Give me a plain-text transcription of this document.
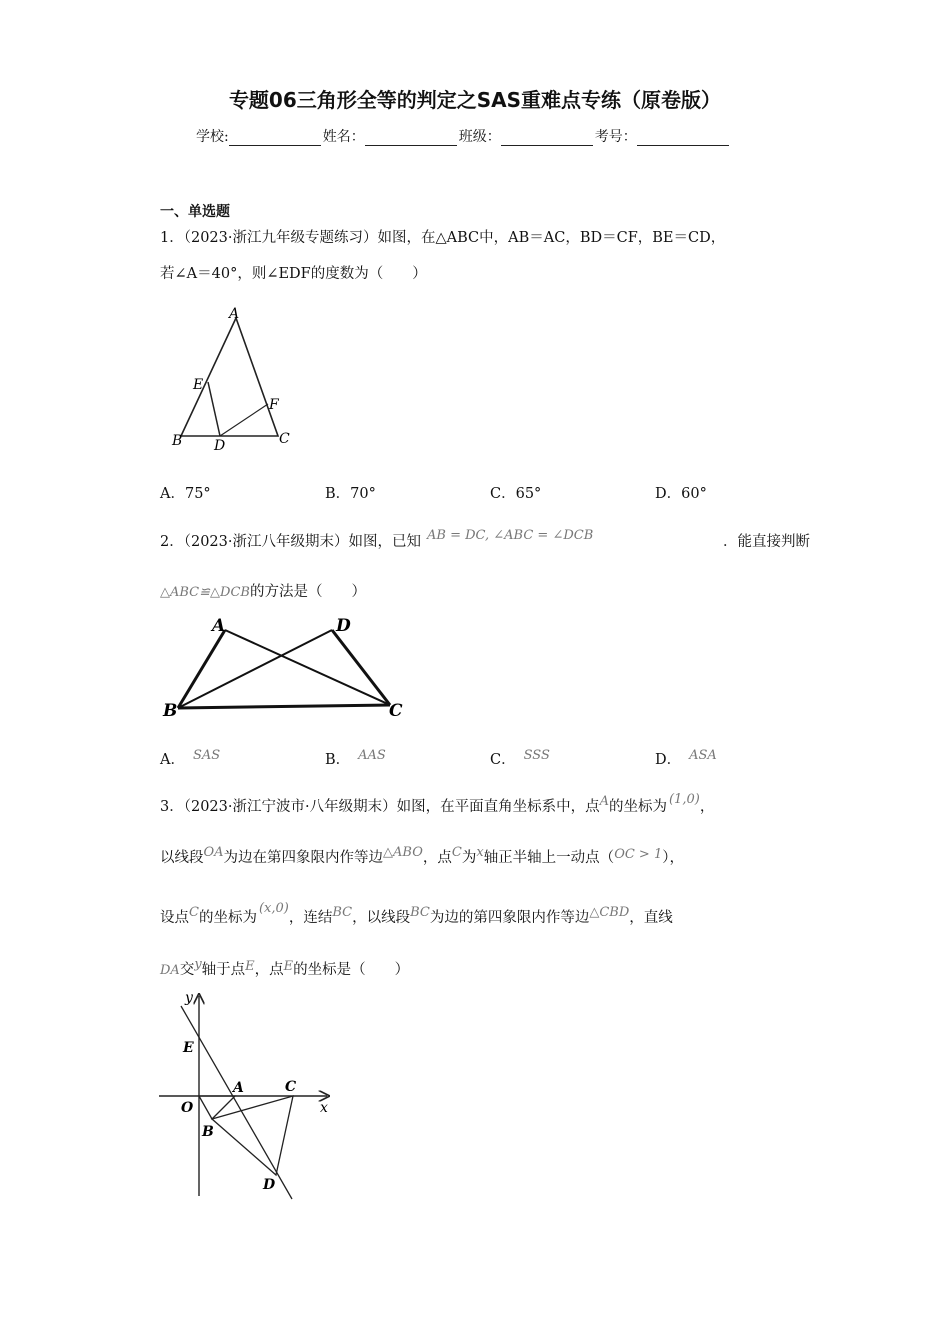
专题06三角形全等的判定之SAS重难点专练（原卷版）
学校:	姓名：	班级：	考号：
一、单选题
1．（2023·浙江九年级专题练习）如图，在△ABC中，AB＝AC，BD＝CF，BE＝CD，
若∠A＝40°，则∠EDF的度数为（　　）
A
E
F
B D	C
A．75°	B．70°	C．65°	D．60°
2．（2023·浙江八年级期末）如图，已知 AB = DC, ∠ABC = ∠DCB	．能直接判断
△ABC≌△DCB的方法是（　　）
A	D
B	C
A． SAS	B． AAS	C． SSS	D． ASA
3．（2023·浙江宁波市·八年级期末）如图，在平面直角坐标系中，点A的坐标为 (1,0)，
以线段OA为边在第四象限内作等边△ABO，点C为x轴正半轴上一动点（OC > 1），
设点C的坐标为(x,0)，连结BC，以线段BC为边的第四象限内作等边△CBD，直线
DA交y轴于点E，点E的坐标是（　　）
y
x
E
O
A	C
B
D
